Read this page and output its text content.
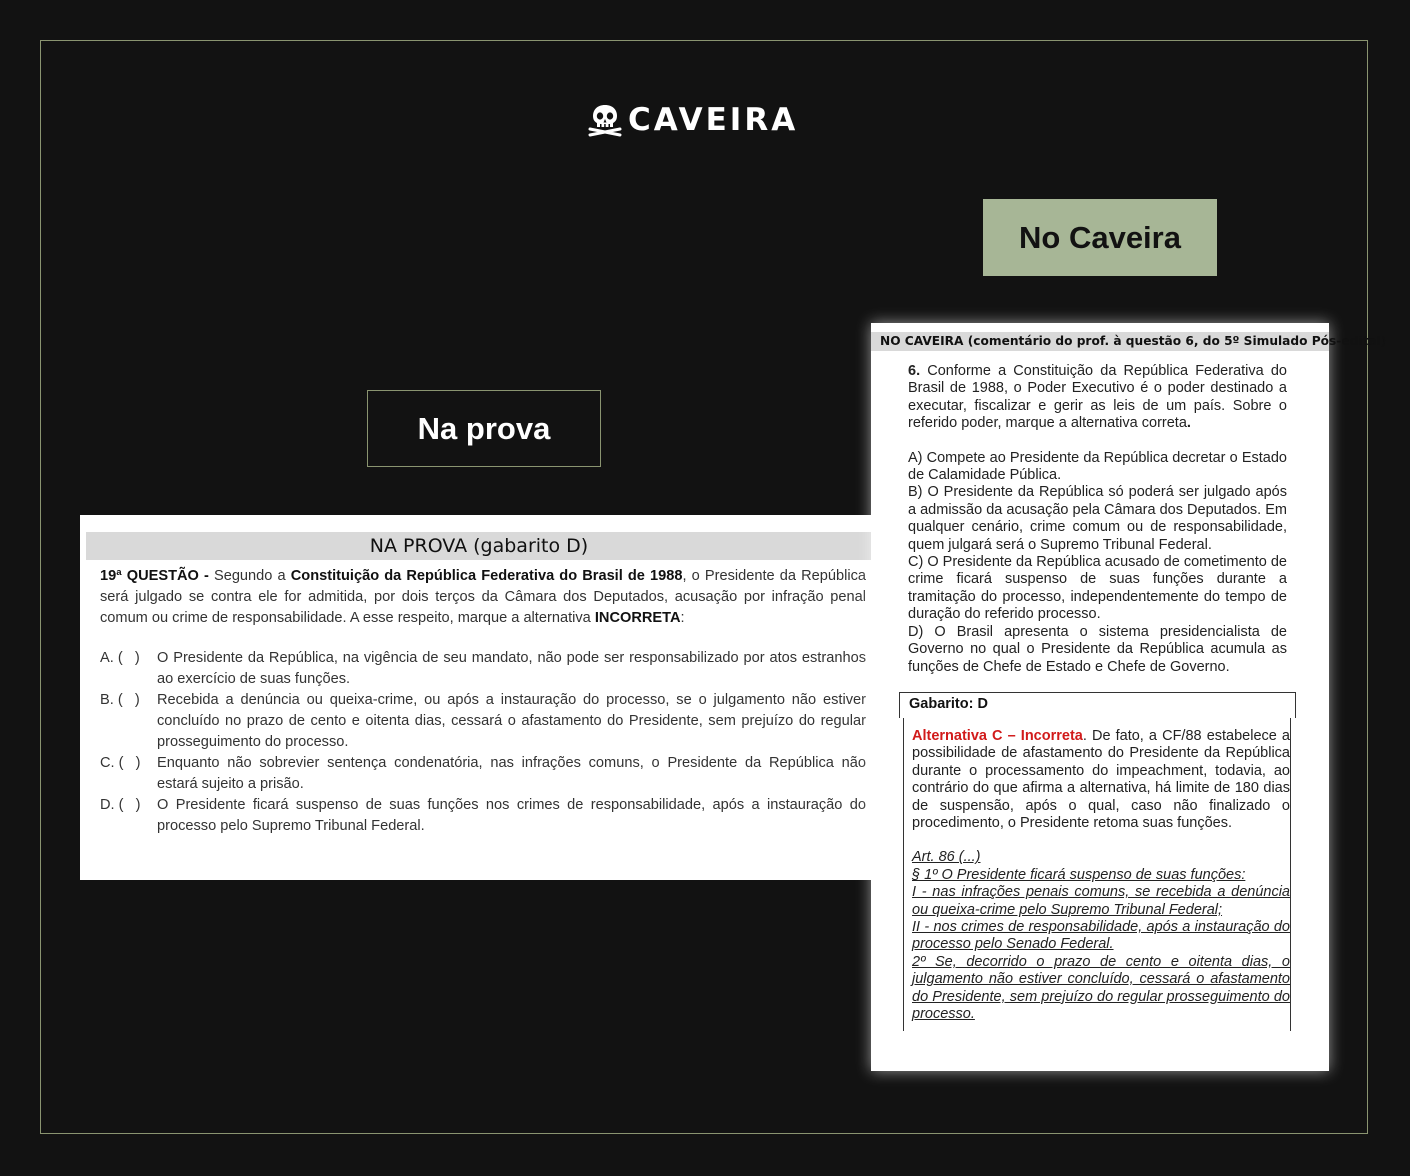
CAVEIRA
No Caveira
Na prova
NA PROVA (gabarito D)
19ª QUESTÃO - Segundo a Constituição da República Federativa do Brasil de 1988, o Presidente da República será julgado se contra ele for admitida, por dois terços da Câmara dos Deputados, acusação por infração penal comum ou crime de responsabilidade. A esse respeito, marque a alternativa INCORRETA:
A. (   )	O Presidente da República, na vigência de seu mandato, não pode ser responsabilizado por atos estranhos ao exercício de suas funções.
B. (   )	Recebida a denúncia ou queixa-crime, ou após a instauração do processo, se o julgamento não estiver concluído no prazo de cento e oitenta dias, cessará o afastamento do Presidente, sem prejuízo do regular prosseguimento do processo.
C. (   )	Enquanto não sobrevier sentença condenatória, nas infrações comuns, o Presidente da República não estará sujeito a prisão.
D. (   )	O Presidente ficará suspenso de suas funções nos crimes de responsabilidade, após a instauração do processo pelo Supremo Tribunal Federal.
NO CAVEIRA (comentário do prof. à questão 6, do 5º Simulado Pós-edital)

6. Conforme a Constituição da República Federativa do Brasil de 1988, o Poder Executivo é o poder destinado a executar, fiscalizar e gerir as leis de um país. Sobre o referido poder, marque a alternativa correta.

A) Compete ao Presidente da República decretar o Estado de Calamidade Pública.

B) O Presidente da República só poderá ser julgado após a admissão da acusação pela Câmara dos Deputados. Em qualquer cenário, crime comum ou de responsabilidade, quem julgará será o Supremo Tribunal Federal.

C) O Presidente da República acusado de cometimento de crime ficará suspenso de suas funções durante a tramitação do processo, independentemente do tempo de duração do referido processo.

D) O Brasil apresenta o sistema presidencialista de Governo no qual o Presidente da República acumula as funções de Chefe de Estado e Chefe de Governo.

Gabarito: D

Alternativa C – Incorreta. De fato, a CF/88 estabelece a possibilidade de afastamento do Presidente da República durante o processamento do impeachment, todavia, ao contrário do que afirma a alternativa, há limite de 180 dias de suspensão, após o qual, caso não finalizado o procedimento, o Presidente retoma suas funções.

Art. 86 (...)

§ 1º O Presidente ficará suspenso de suas funções:

I - nas infrações penais comuns, se recebida a denúncia ou queixa-crime pelo Supremo Tribunal Federal;

II - nos crimes de responsabilidade, após a instauração do processo pelo Senado Federal.

2º Se, decorrido o prazo de cento e oitenta dias, o julgamento não estiver concluído, cessará o afastamento do Presidente, sem prejuízo do regular prosseguimento do processo.
